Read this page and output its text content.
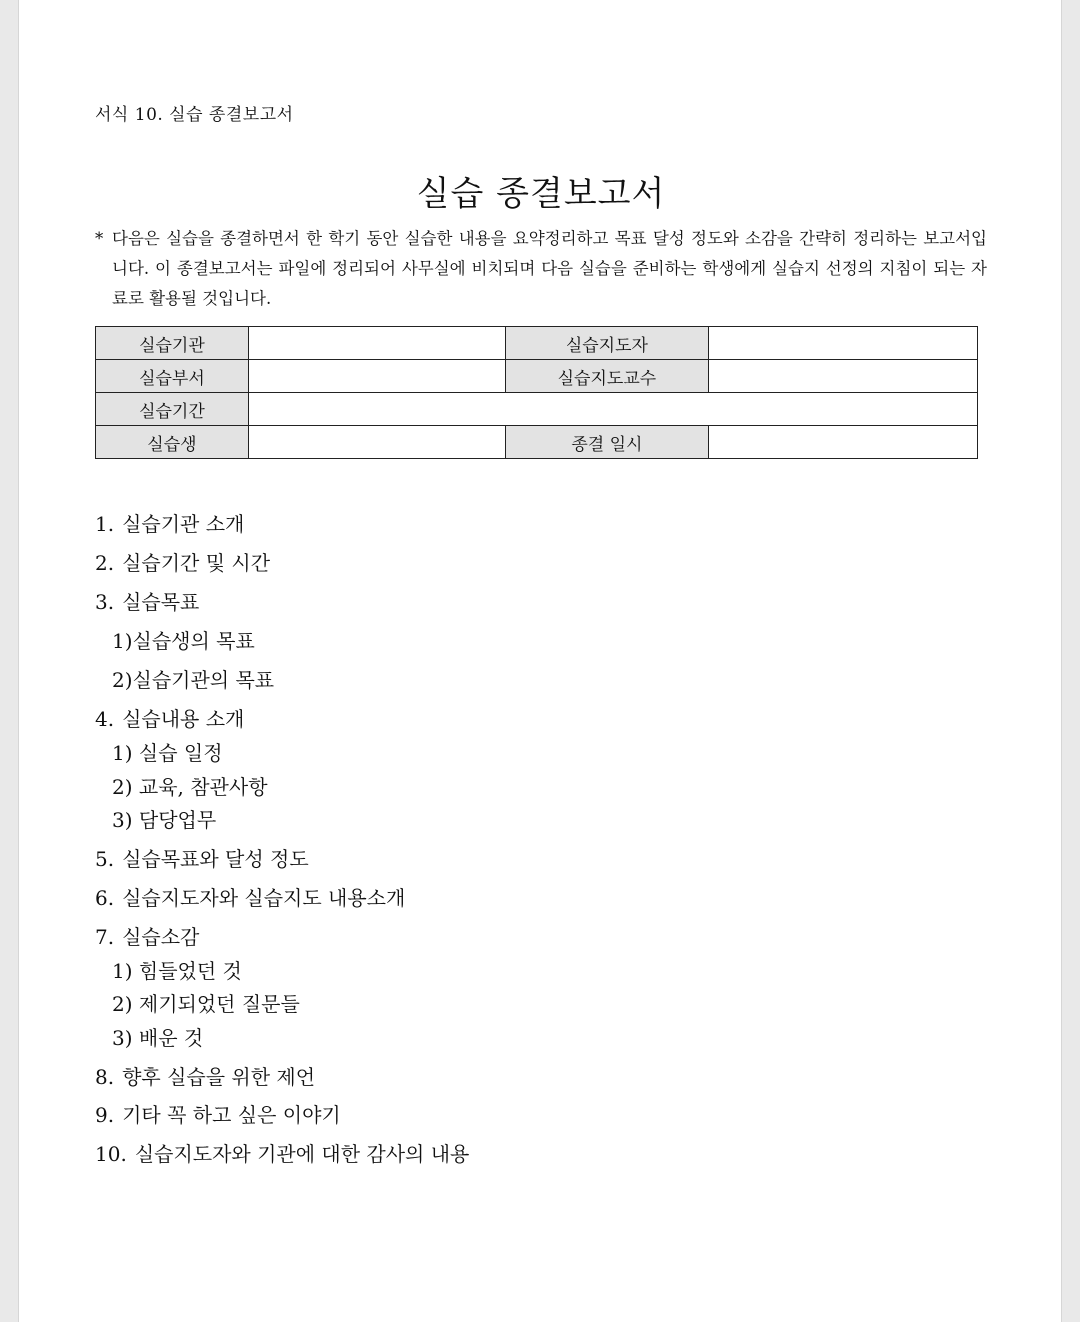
서식 10. 실습 종결보고서
실습 종결보고서
* 다음은 실습을 종결하면서 한 학기 동안 실습한 내용을 요약정리하고 목표 달성 정도와 소감을 간략히 정리하는 보고서입니다. 이 종결보고서는 파일에 정리되어 사무실에 비치되며 다음 실습을 준비하는 학생에게 실습지 선정의 지침이 되는 자료로 활용될 것입니다.
실습기관		실습지도자	
실습부서		실습지도교수	
실습기간			
실습생		종결 일시	
1. 실습기관 소개
2. 실습기간 및 시간
3. 실습목표
1)실습생의 목표
2)실습기관의 목표
4. 실습내용 소개
1) 실습 일정
2) 교육, 참관사항
3) 담당업무
5. 실습목표와 달성 정도
6. 실습지도자와 실습지도 내용소개
7. 실습소감
1) 힘들었던 것
2) 제기되었던 질문들
3) 배운 것
8. 향후 실습을 위한 제언
9. 기타 꼭 하고 싶은 이야기
10. 실습지도자와 기관에 대한 감사의 내용
